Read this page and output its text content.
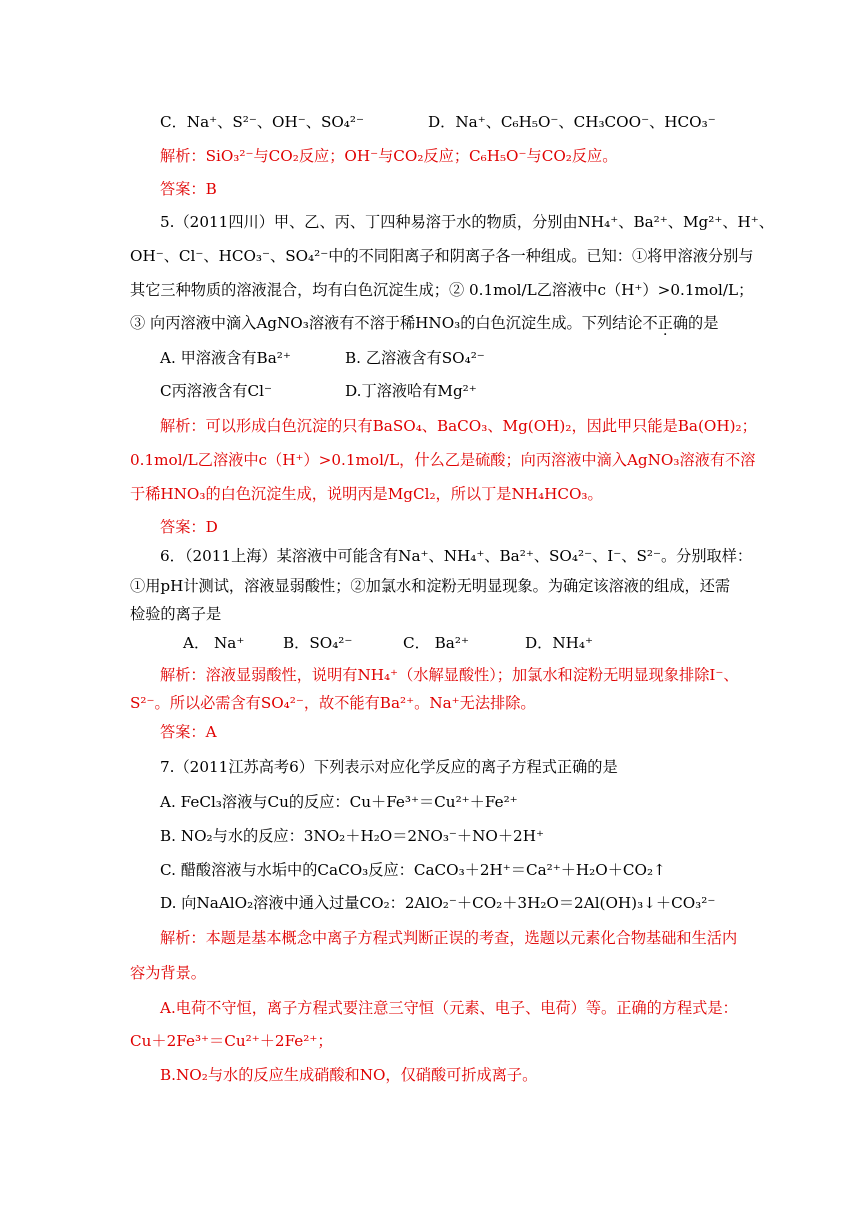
C．Na⁺、S²⁻、OH⁻、SO₄²⁻	D．Na⁺、C₆H₅O⁻、CH₃COO⁻、HCO₃⁻
解析：SiO₃²⁻与CO₂反应；OH⁻与CO₂反应；C₆H₅O⁻与CO₂反应。
答案：B
5.（2011四川）甲、乙、丙、丁四种易溶于水的物质，分别由NH₄⁺、Ba²⁺、Mg²⁺、H⁺、
OH⁻、Cl⁻、HCO₃⁻、SO₄²⁻中的不同阳离子和阴离子各一种组成。已知：①将甲溶液分别与
其它三种物质的溶液混合，均有白色沉淀生成；② 0.1mol/L乙溶液中c（H⁺）>0.1mol/L；
③ 向丙溶液中滴入AgNO₃溶液有不溶于稀HNO₃的白色沉淀生成。下列结论不正确的是
A. 甲溶液含有Ba²⁺	B. 乙溶液含有SO₄²⁻
C丙溶液含有Cl⁻	D.丁溶液哈有Mg²⁺
解析：可以形成白色沉淀的只有BaSO₄、BaCO₃、Mg(OH)₂，因此甲只能是Ba(OH)₂；
0.1mol/L乙溶液中c（H⁺）>0.1mol/L，什么乙是硫酸；向丙溶液中滴入AgNO₃溶液有不溶
于稀HNO₃的白色沉淀生成，说明丙是MgCl₂，所以丁是NH₄HCO₃。
答案：D
6．（2011上海）某溶液中可能含有Na⁺、NH₄⁺、Ba²⁺、SO₄²⁻、I⁻、S²⁻。分别取样：
①用pH计测试，溶液显弱酸性；②加氯水和淀粉无明显现象。为确定该溶液的组成，还需
检验的离子是
A． Na⁺	B．SO₄²⁻	C． Ba²⁺	D．NH₄⁺
解析：溶液显弱酸性，说明有NH₄⁺（水解显酸性）；加氯水和淀粉无明显现象排除I⁻、
S²⁻。所以必需含有SO₄²⁻，故不能有Ba²⁺。Na⁺无法排除。
答案：A
7.（2011江苏高考6）下列表示对应化学反应的离子方程式正确的是
A. FeCl₃溶液与Cu的反应：Cu＋Fe³⁺＝Cu²⁺＋Fe²⁺
B. NO₂与水的反应：3NO₂＋H₂O＝2NO₃⁻＋NO＋2H⁺
C. 醋酸溶液与水垢中的CaCO₃反应：CaCO₃＋2H⁺＝Ca²⁺＋H₂O＋CO₂↑
D. 向NaAlO₂溶液中通入过量CO₂：2AlO₂⁻＋CO₂＋3H₂O＝2Al(OH)₃↓＋CO₃²⁻
解析：本题是基本概念中离子方程式判断正误的考查，选题以元素化合物基础和生活内
容为背景。
A.电荷不守恒，离子方程式要注意三守恒（元素、电子、电荷）等。正确的方程式是：
Cu＋2Fe³⁺＝Cu²⁺＋2Fe²⁺；
B.NO₂与水的反应生成硝酸和NO，仅硝酸可折成离子。
